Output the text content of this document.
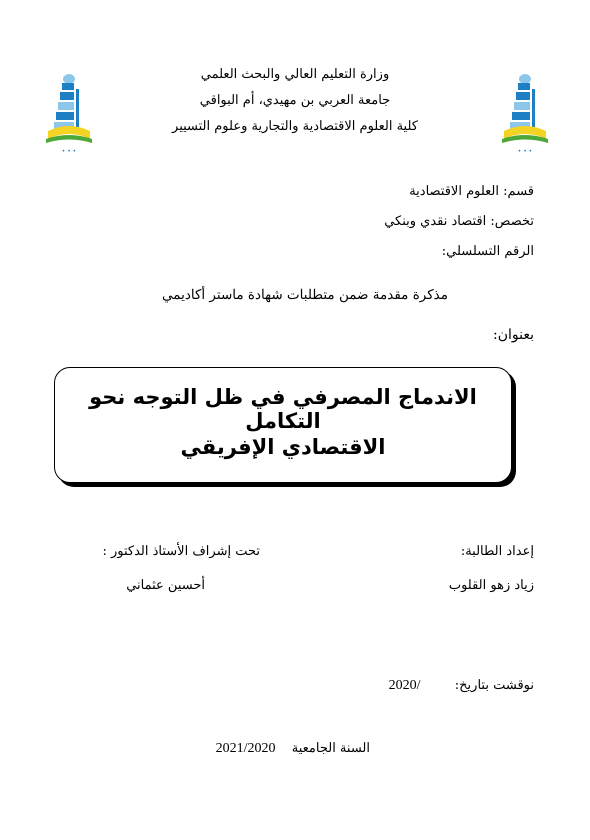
• • •	• • •
وزارة التعليم العالي والبحث العلمي
جامعة العربي بن مهيدي، أم البواقي
كلية العلوم الاقتصادية والتجارية وعلوم التسيير
قسم: العلوم الاقتصادية
تخصص: اقتصاد نقدي وبنكي
الرقم التسلسلي:
مذكرة مقدمة ضمن متطلبات شهادة ماستر أكاديمي
بعنوان:
الاندماج المصرفي في ظل التوجه نحو التكامل
الاقتصادي الإفريقي
إعداد الطالبة:
تحت إشراف الأستاذ الدكتور :
زياد زهو القلوب
أحسين عثماني
نوقشت بتاريخ:  /2020
السنة الجامعية  2021/2020
